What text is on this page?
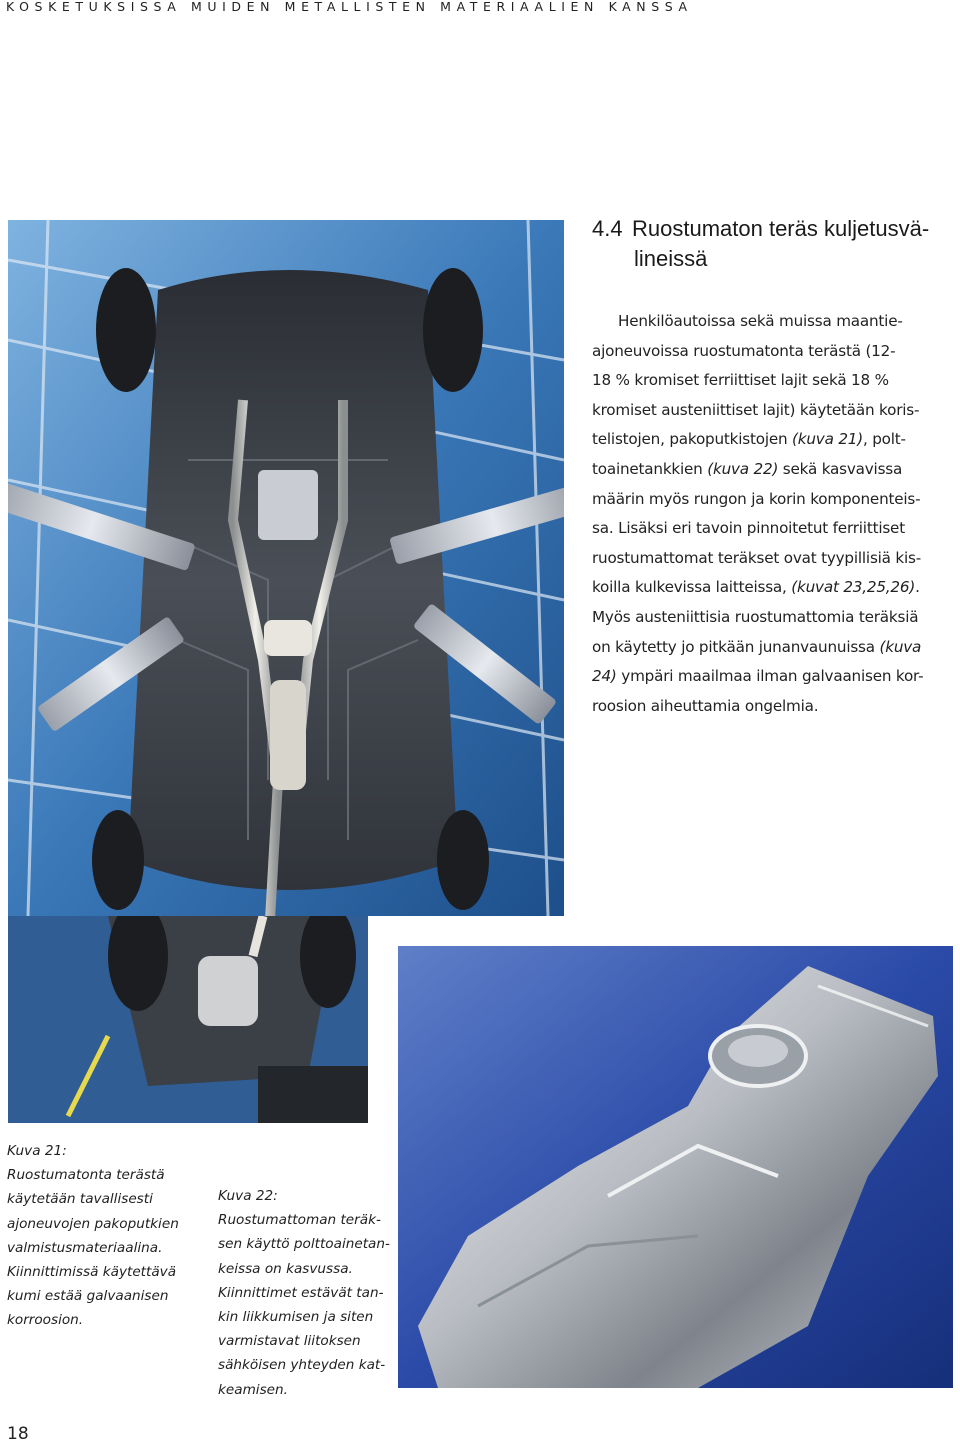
KOSKETUKSISSA MUIDEN METALLISTEN MATERIAALIEN KANSSA
4.4 Ruostumaton teräs kuljetusvä-
lineissä
Henkilöautoissa sekä muissa maantie-
ajoneuvoissa ruostumatonta terästä (12-
18 % kromiset ferriittiset lajit sekä 18 %
kromiset austeniittiset lajit) käytetään koris-
telistojen, pakoputkistojen (kuva 21), polt-
toainetankkien (kuva 22) sekä kasvavissa
määrin myös rungon ja korin komponenteis-
sa. Lisäksi eri tavoin pinnoitetut ferriittiset
ruostumattomat teräkset ovat tyypillisiä kis-
koilla kulkevissa laitteissa, (kuvat 23,25,26).
Myös austeniittisia ruostumattomia teräksiä
on käytetty jo pitkään junanvaunuissa (kuva
24) ympäri maailmaa ilman galvaanisen kor-
roosion aiheuttamia ongelmia.
Kuva 21:
Ruostumatonta terästä
käytetään tavallisesti
ajoneuvojen pakoputkien
valmistusmateriaalina.
Kiinnittimissä käytettävä
kumi estää galvaanisen
korroosion.
Kuva 22:
Ruostumattoman teräk-
sen käyttö polttoainetan-
keissa on kasvussa.
Kiinnittimet estävät tan-
kin liikkumisen ja siten
varmistavat liitoksen
sähköisen yhteyden kat-
keamisen.
18
